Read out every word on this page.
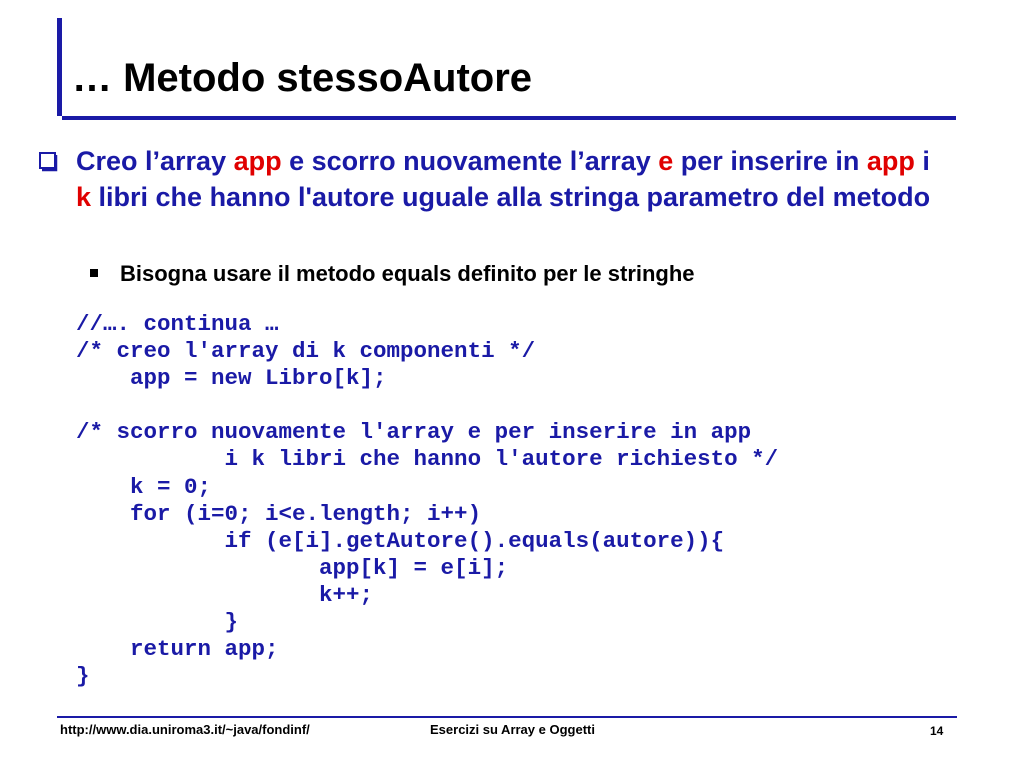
… Metodo stessoAutore
Creo l’array app e scorro nuovamente l’array e per inserire in app i k libri che hanno l'autore uguale alla stringa parametro del metodo
Bisogna usare il metodo equals definito per le stringhe
//…. continua …
/* creo l'array di k componenti */
app = new Libro[k];

/* scorro nuovamente l'array e per inserire in app
i k libri che hanno l'autore richiesto */
k = 0;
for (i=0; i<e.length; i++)
if (e[i].getAutore().equals(autore)){
app[k] = e[i];
k++;
}
return app;
}
http://www.dia.uniroma3.it/~java/fondinf/	Esercizi su Array e Oggetti	14
